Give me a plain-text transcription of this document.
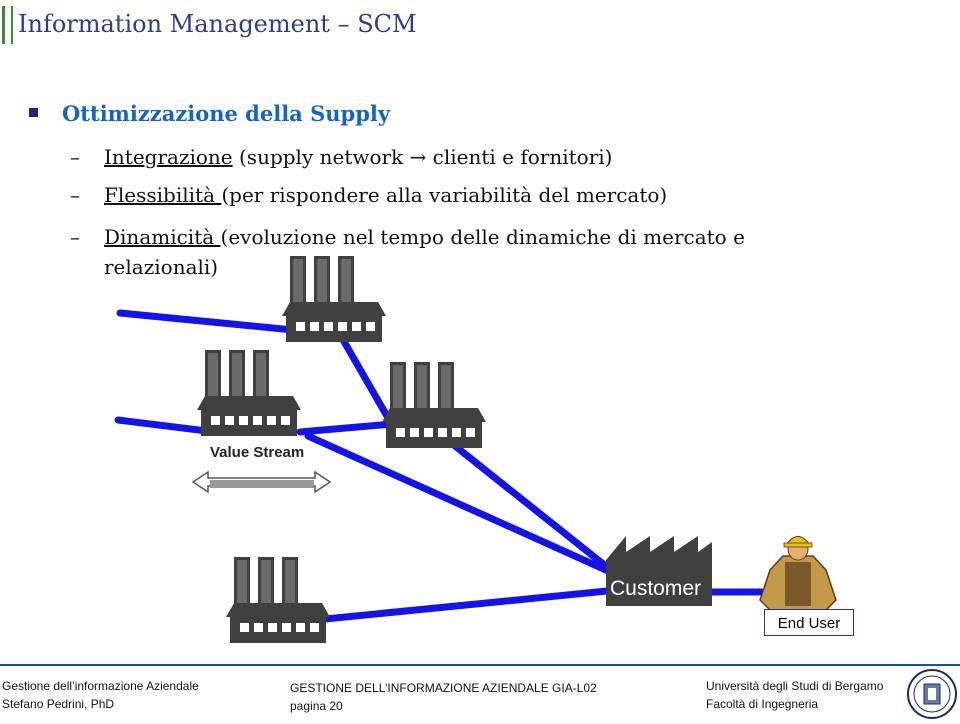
Information Management – SCM
Ottimizzazione della Supply
– Integrazione (supply network → clienti e fornitori)
– Flessibilità (per rispondere alla variabilità del mercato)
– Dinamicità (evoluzione nel tempo delle dinamiche di mercato e
relazionali)
Value Stream
Customer
End User
Gestione dell’informazione Aziendale
Stefano Pedrini, PhD
GESTIONE DELL’INFORMAZIONE AZIENDALE GIA-L02
pagina 20
Università degli Studi di Bergamo
Facoltà di Ingegneria
